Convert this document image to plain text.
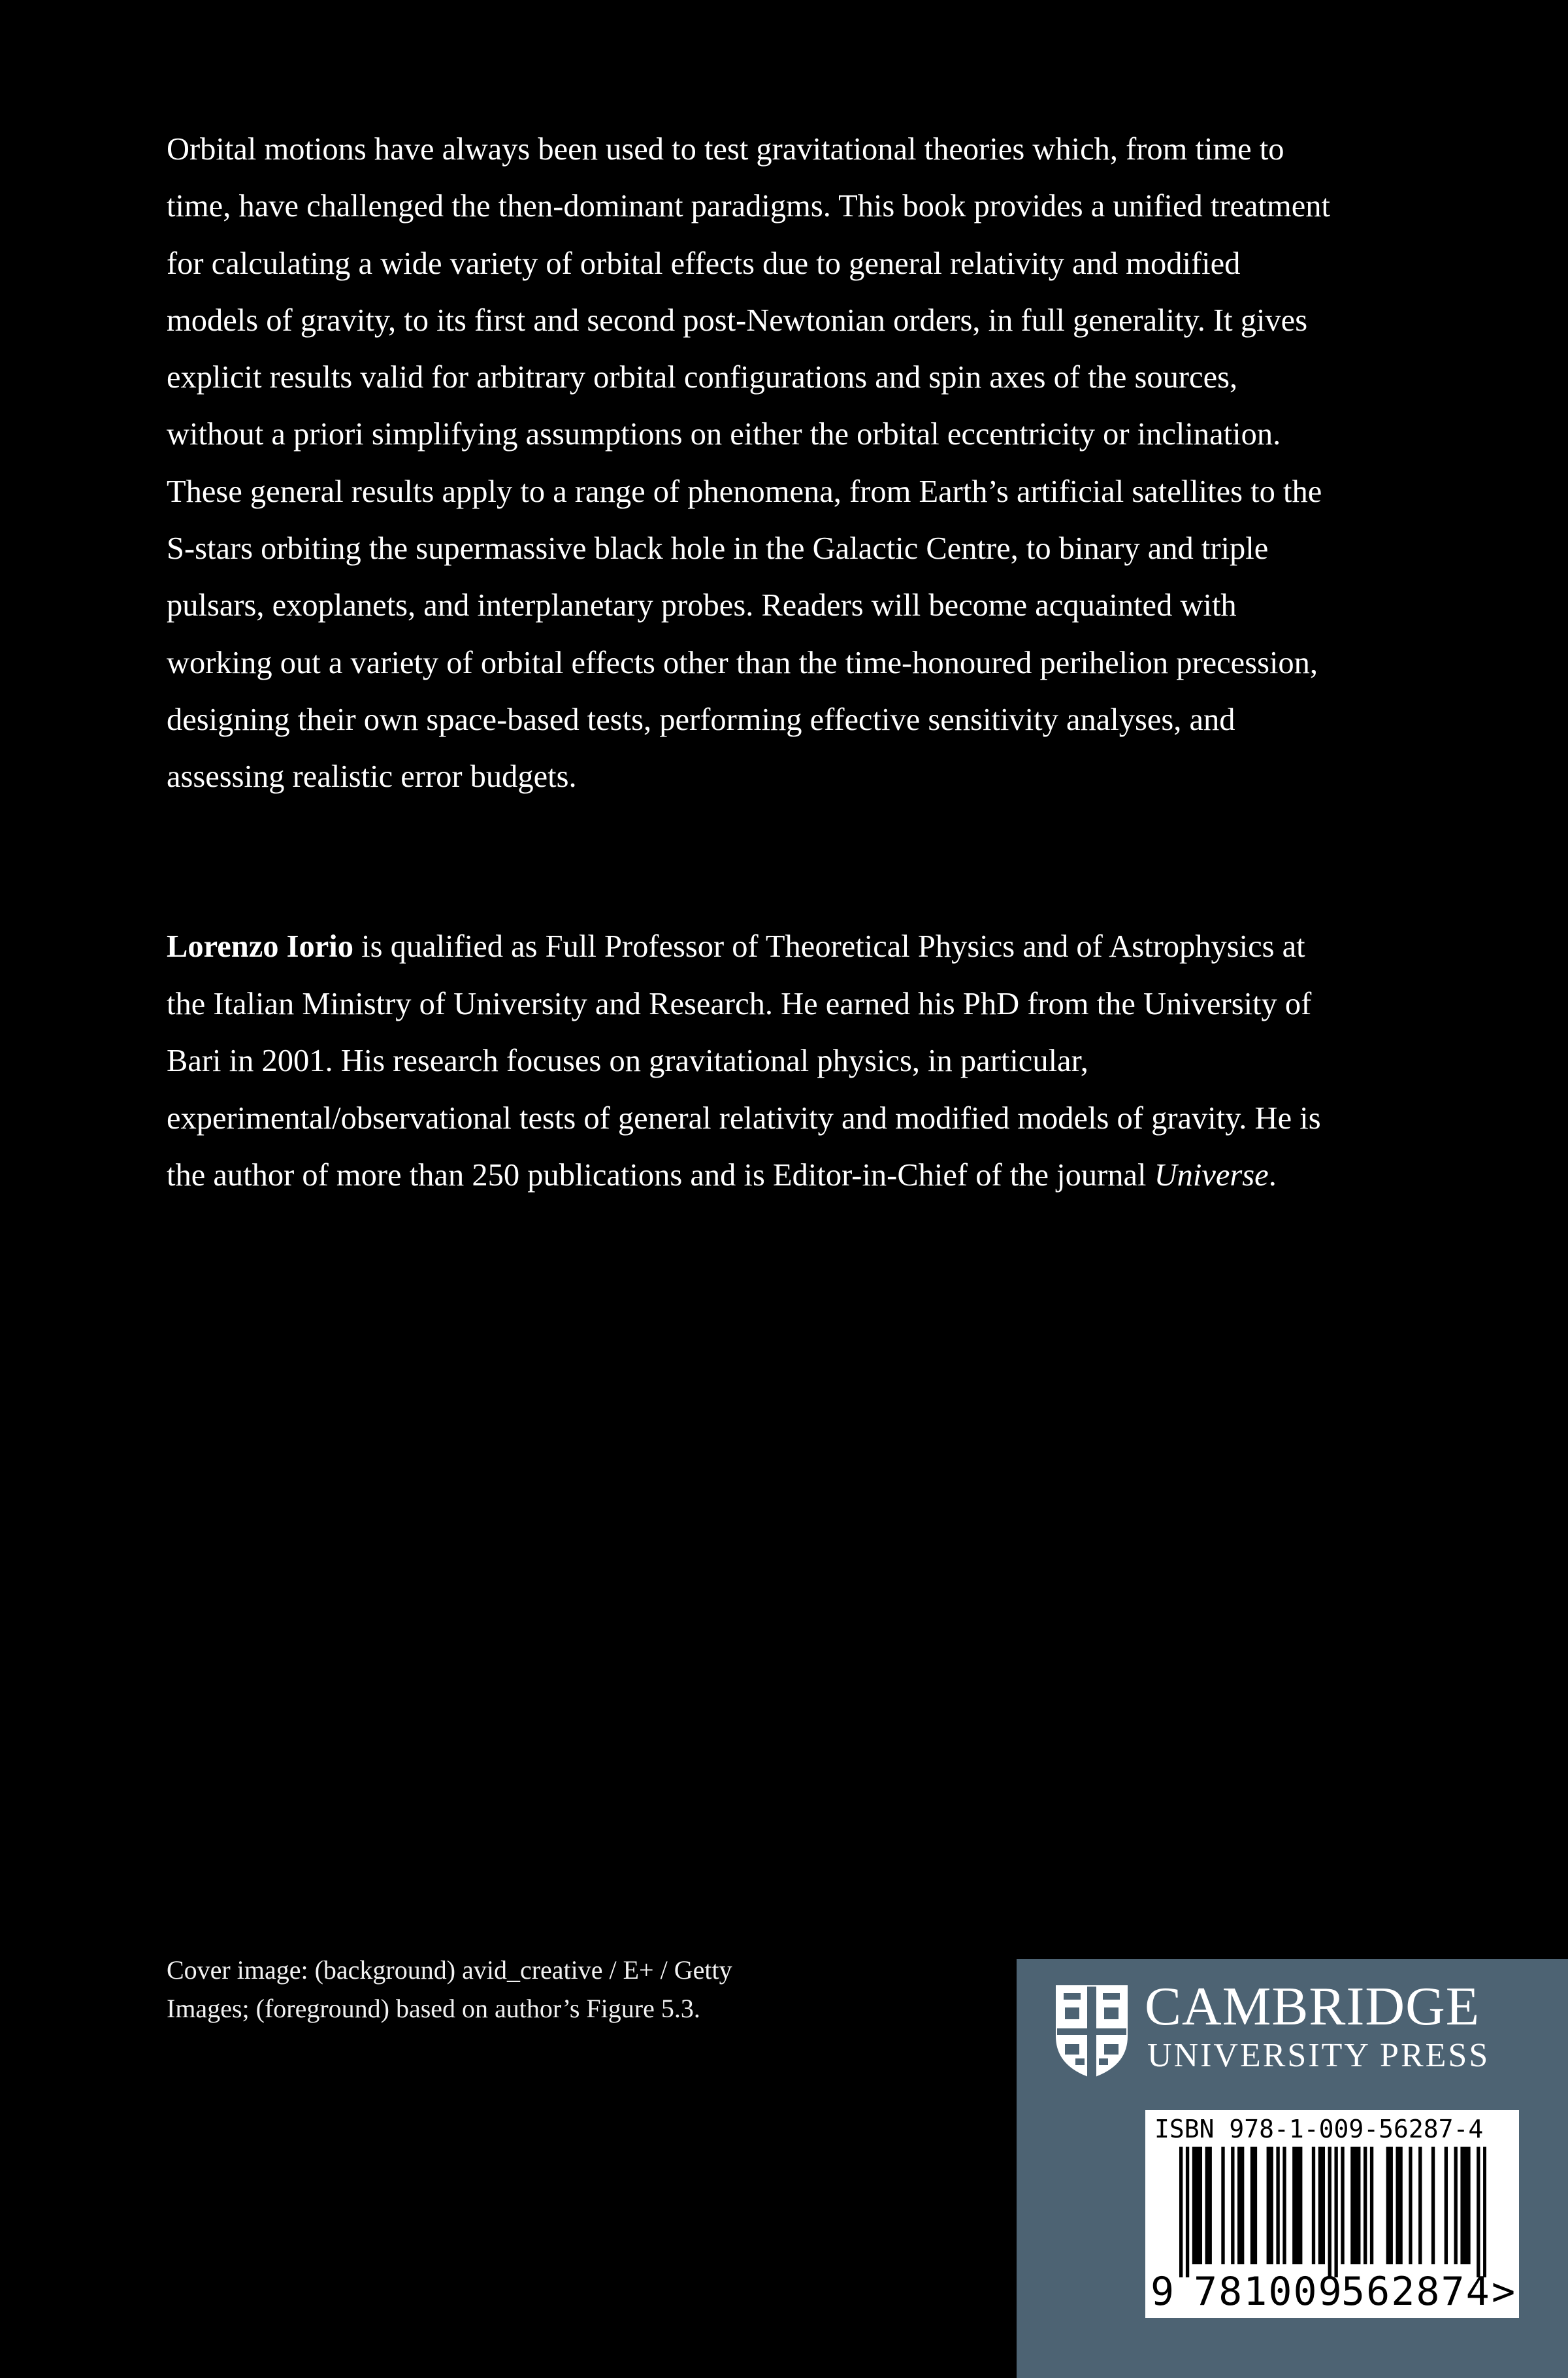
Orbital motions have always been used to test gravitational theories which, from time to time, have challenged the then-dominant paradigms. This book provides a unified treatment for calculating a wide variety of orbital effects due to general relativity and modified models of gravity, to its first and second post-Newtonian orders, in full generality. It gives explicit results valid for arbitrary orbital configurations and spin axes of the sources, without a priori simplifying assumptions on either the orbital eccentricity or inclination. These general results apply to a range of phenomena, from Earth’s artificial satellites to the S-stars orbiting the supermassive black hole in the Galactic Centre, to binary and triple pulsars, exoplanets, and interplanetary probes. Readers will become acquainted with working out a variety of orbital effects other than the time-honoured perihelion precession, designing their own space-based tests, performing effective sensitivity analyses, and assessing realistic error budgets.

Lorenzo Iorio is qualified as Full Professor of Theoretical Physics and of Astrophysics at the Italian Ministry of University and Research. He earned his PhD from the University of Bari in 2001. His research focuses on gravitational physics, in particular, experimental/observational tests of general relativity and modified models of gravity. He is the author of more than 250 publications and is Editor-in-Chief of the journal Universe.

Cover image: (background) avid_creative / E+ / Getty Images; (foreground) based on author’s Figure 5.3.	CAMBRIDGE
UNIVERSITY PRESS
ISBN 978-1-009-56287-4
9 781009
562874 >
